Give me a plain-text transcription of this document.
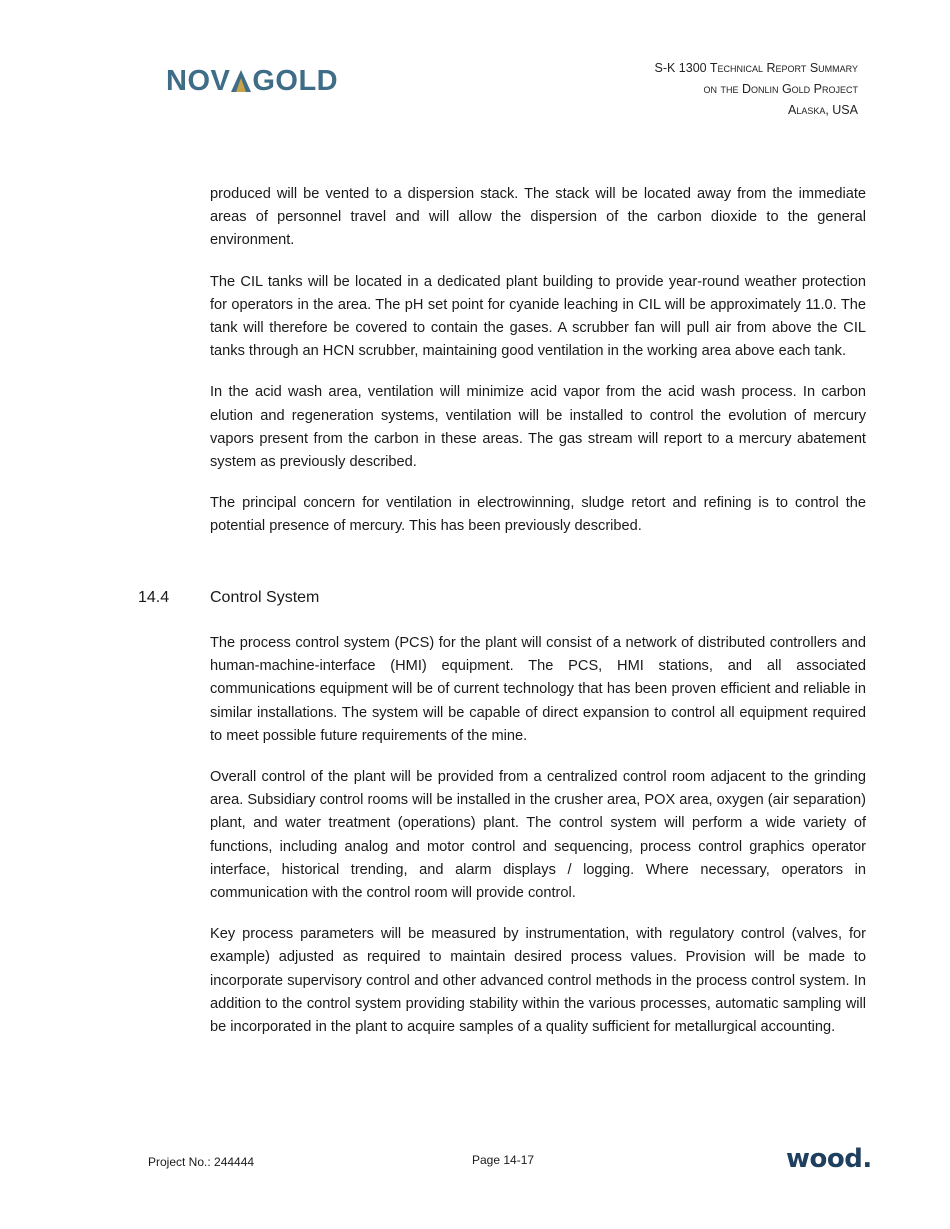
NOV GOLD	S-K 1300 Technical Report Summary
on the Donlin Gold Project
Alaska, USA

produced will be vented to a dispersion stack. The stack will be located away from the immediate areas of personnel travel and will allow the dispersion of the carbon dioxide to the general environment.

The CIL tanks will be located in a dedicated plant building to provide year-round weather protection for operators in the area. The pH set point for cyanide leaching in CIL will be approximately 11.0. The tank will therefore be covered to contain the gases. A scrubber fan will pull air from above the CIL tanks through an HCN scrubber, maintaining good ventilation in the working area above each tank.

In the acid wash area, ventilation will minimize acid vapor from the acid wash process. In carbon elution and regeneration systems, ventilation will be installed to control the evolution of mercury vapors present from the carbon in these areas. The gas stream will report to a mercury abatement system as previously described.

The principal concern for ventilation in electrowinning, sludge retort and refining is to control the potential presence of mercury. This has been previously described.

14.4	Control System

The process control system (PCS) for the plant will consist of a network of distributed controllers and human-machine-interface (HMI) equipment. The PCS, HMI stations, and all associated communications equipment will be of current technology that has been proven efficient and reliable in similar installations. The system will be capable of direct expansion to control all equipment required to meet possible future requirements of the mine.

Overall control of the plant will be provided from a centralized control room adjacent to the grinding area. Subsidiary control rooms will be installed in the crusher area, POX area, oxygen (air separation) plant, and water treatment (operations) plant. The control system will perform a wide variety of functions, including analog and motor control and sequencing, process control graphics operator interface, historical trending, and alarm displays / logging. Where necessary, operators in communication with the control room will provide control.

Key process parameters will be measured by instrumentation, with regulatory control (valves, for example) adjusted as required to maintain desired process values. Provision will be made to incorporate supervisory control and other advanced control methods in the process control system. In addition to the control system providing stability within the various processes, automatic sampling will be incorporated in the plant to acquire samples of a quality sufficient for metallurgical accounting.

Project No.: 244444	Page 14-17	wood.
